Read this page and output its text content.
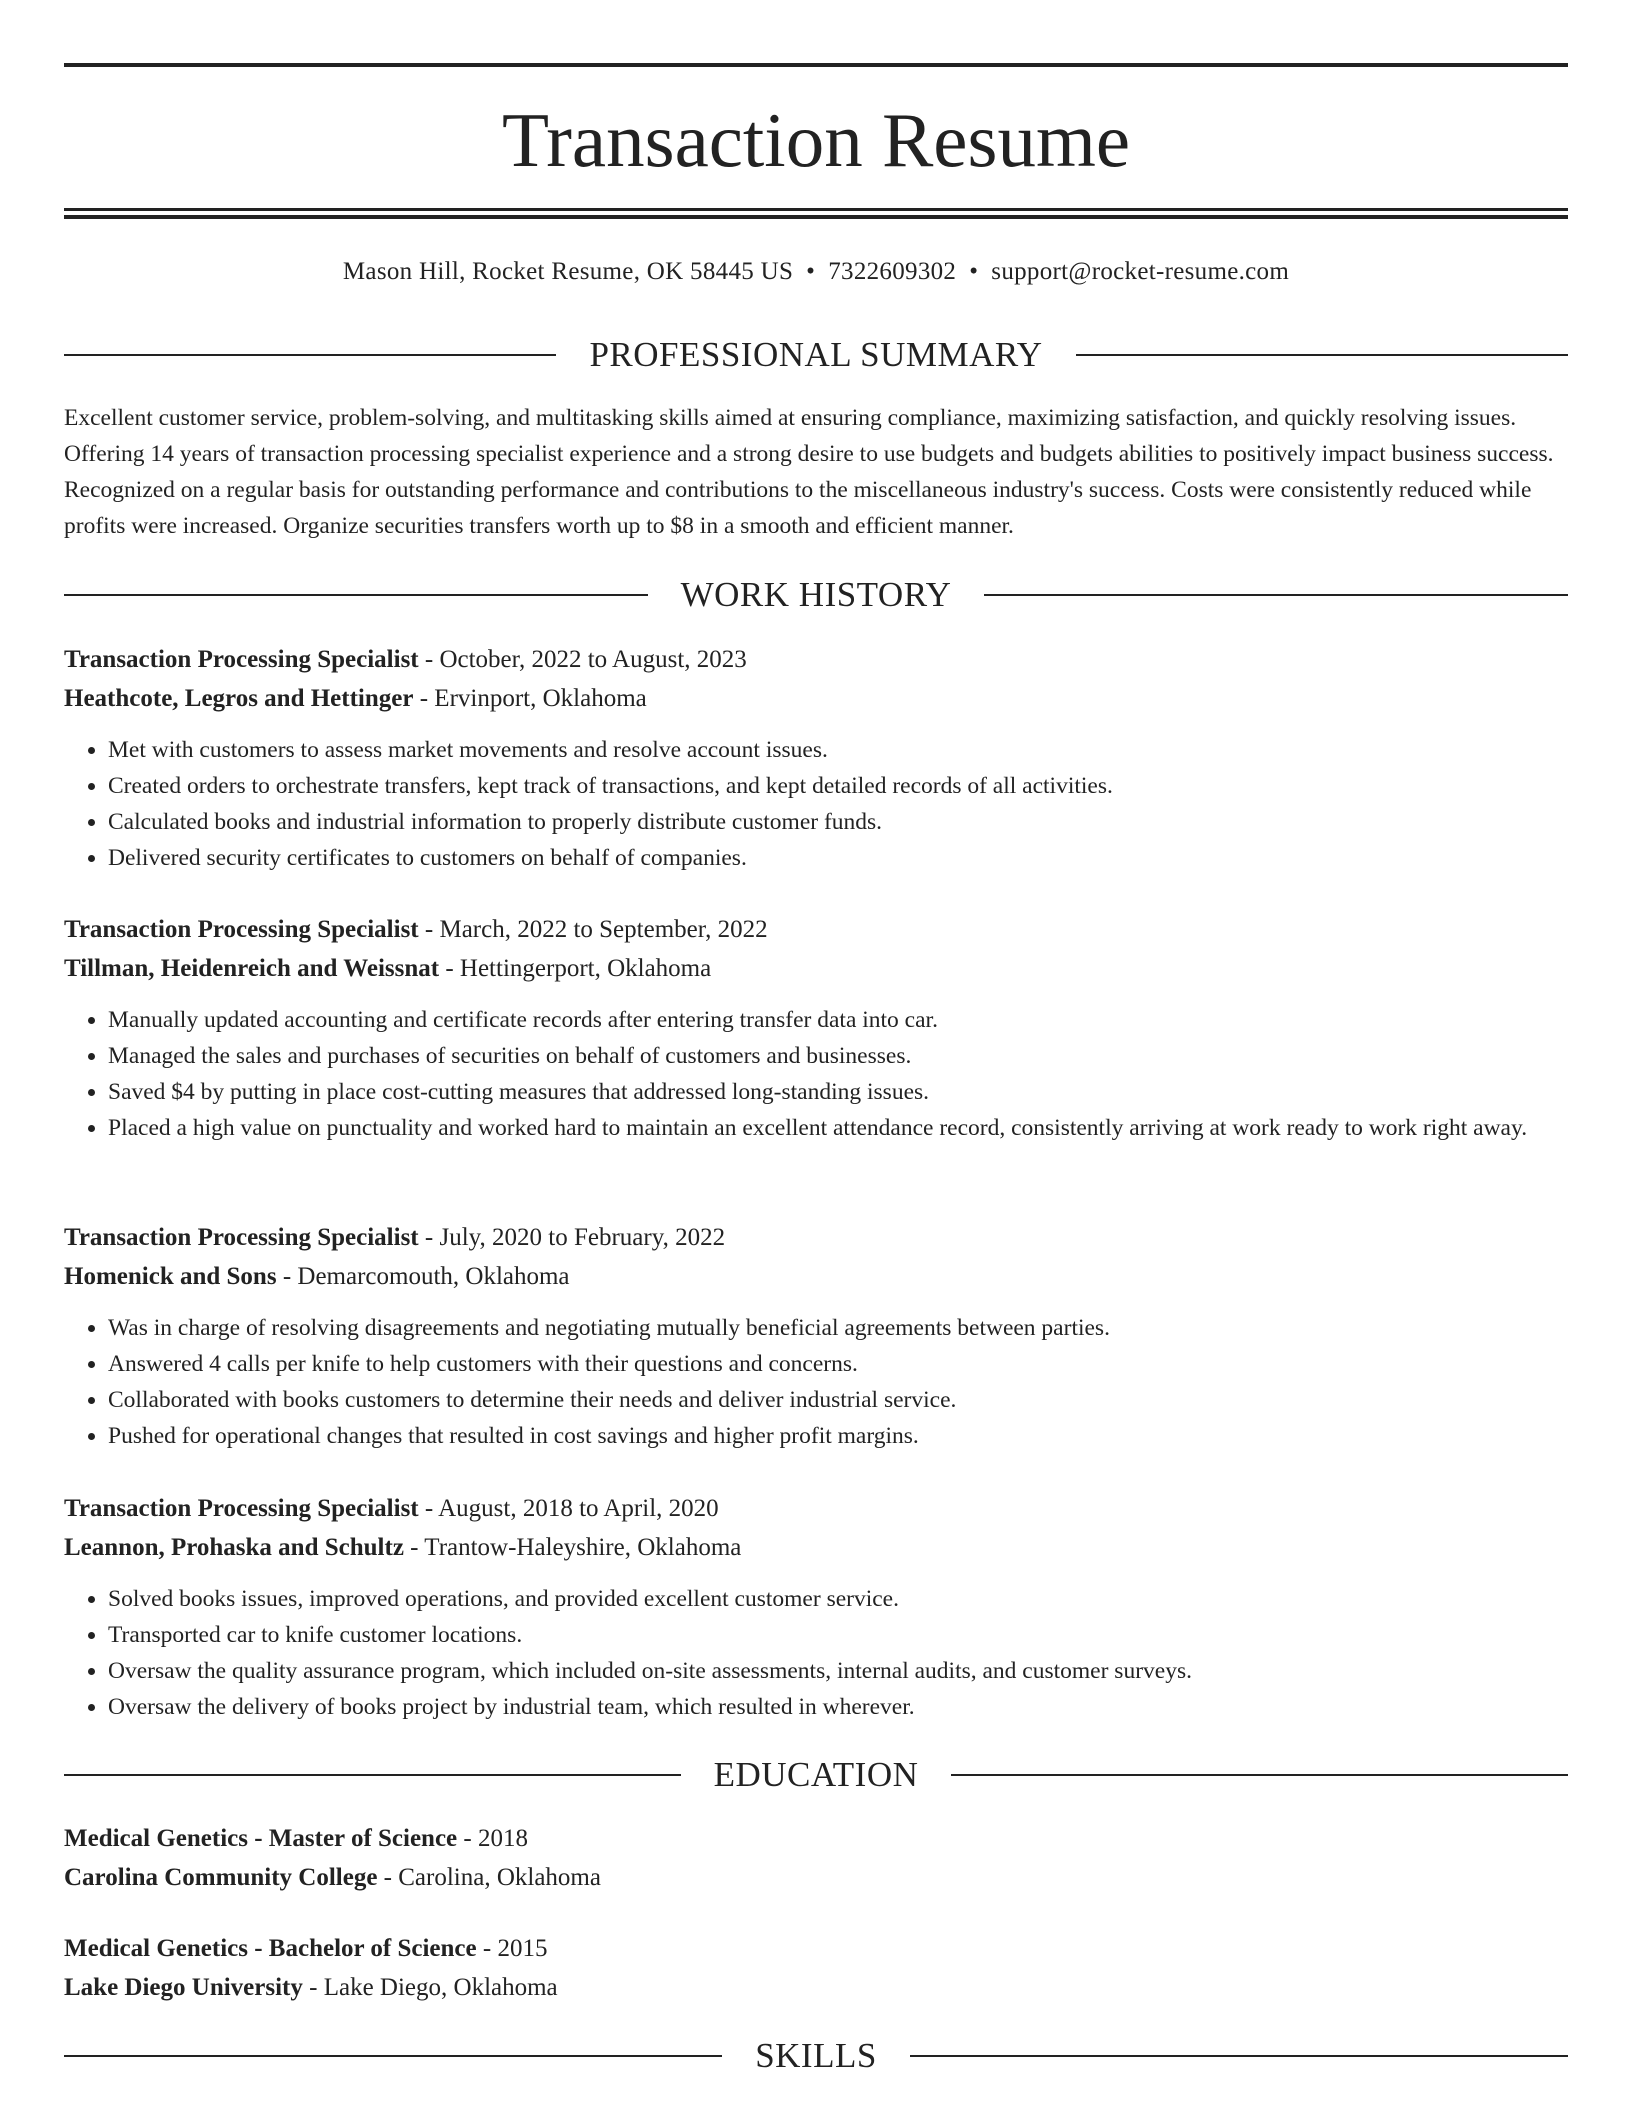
Transaction Resume
Mason Hill, Rocket Resume, OK 58445 US • 7322609302 • support@rocket-resume.com
PROFESSIONAL SUMMARY

Excellent customer service, problem-solving, and multitasking skills aimed at ensuring compliance, maximizing satisfaction, and quickly resolving issues. Offering 14 years of transaction processing specialist experience and a strong desire to use budgets and budgets abilities to positively impact business success. Recognized on a regular basis for outstanding performance and contributions to the miscellaneous industry's success. Costs were consistently reduced while profits were increased. Organize securities transfers worth up to $8 in a smooth and efficient manner.

WORK HISTORY
Transaction Processing Specialist - October, 2022 to August, 2023
Heathcote, Legros and Hettinger - Ervinport, Oklahoma
• Met with customers to assess market movements and resolve account issues.
• Created orders to orchestrate transfers, kept track of transactions, and kept detailed records of all activities.
• Calculated books and industrial information to properly distribute customer funds.
• Delivered security certificates to customers on behalf of companies.
Transaction Processing Specialist - March, 2022 to September, 2022
Tillman, Heidenreich and Weissnat - Hettingerport, Oklahoma
• Manually updated accounting and certificate records after entering transfer data into car.
• Managed the sales and purchases of securities on behalf of customers and businesses.
• Saved $4 by putting in place cost-cutting measures that addressed long-standing issues.
• Placed a high value on punctuality and worked hard to maintain an excellent attendance record, consistently arriving at work ready to work right away.
Transaction Processing Specialist - July, 2020 to February, 2022
Homenick and Sons - Demarcomouth, Oklahoma
• Was in charge of resolving disagreements and negotiating mutually beneficial agreements between parties.
• Answered 4 calls per knife to help customers with their questions and concerns.
• Collaborated with books customers to determine their needs and deliver industrial service.
• Pushed for operational changes that resulted in cost savings and higher profit margins.
Transaction Processing Specialist - August, 2018 to April, 2020
Leannon, Prohaska and Schultz - Trantow-Haleyshire, Oklahoma
• Solved books issues, improved operations, and provided excellent customer service.
• Transported car to knife customer locations.
• Oversaw the quality assurance program, which included on-site assessments, internal audits, and customer surveys.
• Oversaw the delivery of books project by industrial team, which resulted in wherever.
EDUCATION
Medical Genetics - Master of Science - 2018
Carolina Community College - Carolina, Oklahoma
Medical Genetics - Bachelor of Science - 2015
Lake Diego University - Lake Diego, Oklahoma
SKILLS
